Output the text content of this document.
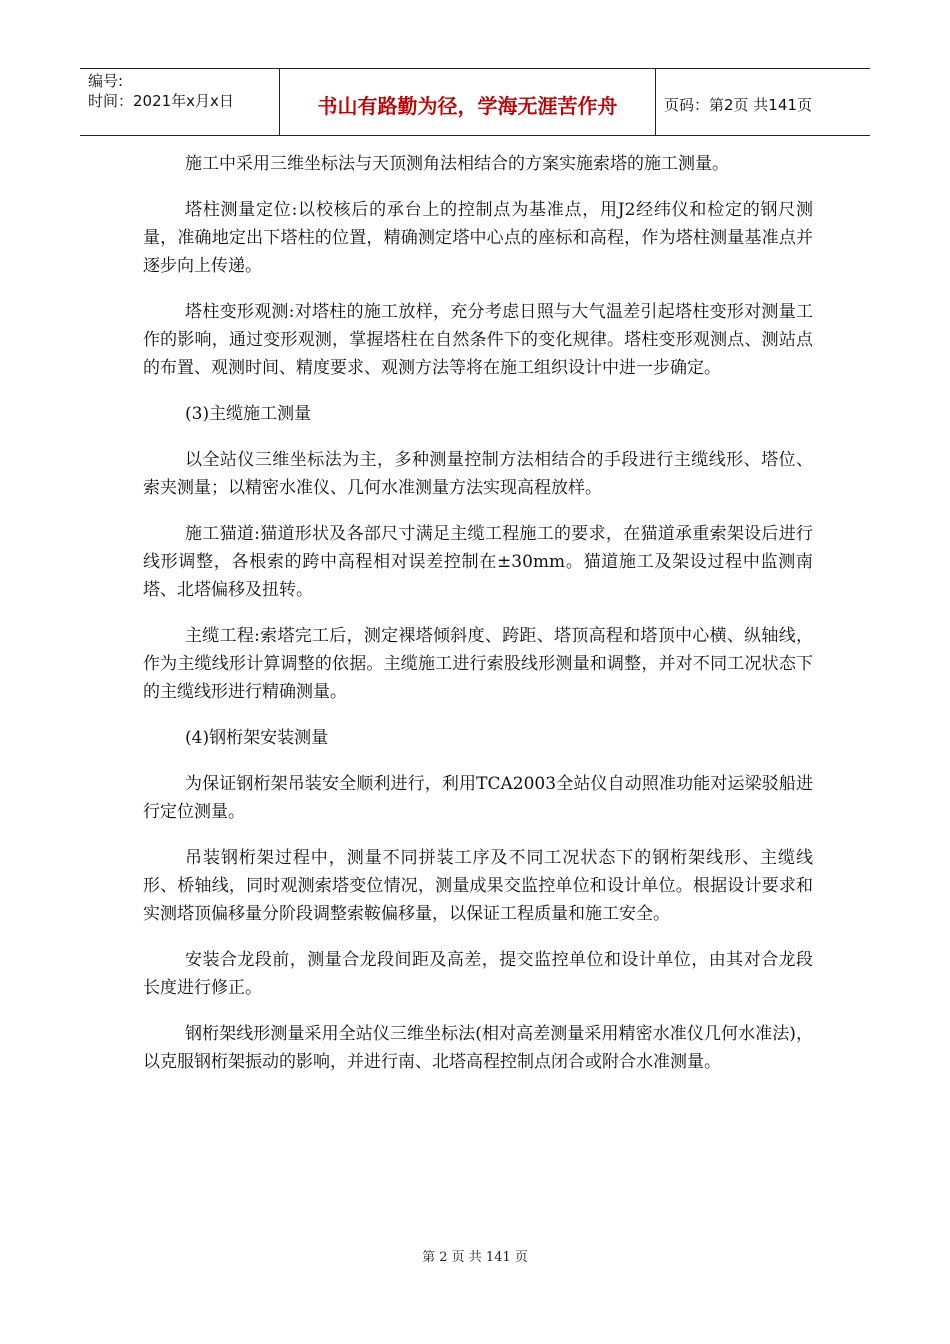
编号:
时间：2021年x月x日	书山有路勤为径，学海无涯苦作舟	页码：第2页 共141页

施工中采用三维坐标法与天顶测角法相结合的方案实施索塔的施工测量。

塔柱测量定位:以校核后的承台上的控制点为基准点，用J2经纬仪和检定的钢尺测量，准确地定出下塔柱的位置，精确测定塔中心点的座标和高程，作为塔柱测量基准点并逐步向上传递。

塔柱变形观测:对塔柱的施工放样，充分考虑日照与大气温差引起塔柱变形对测量工作的影响，通过变形观测，掌握塔柱在自然条件下的变化规律。塔柱变形观测点、测站点的布置、观测时间、精度要求、观测方法等将在施工组织设计中进一步确定。

(3)主缆施工测量

以全站仪三维坐标法为主，多种测量控制方法相结合的手段进行主缆线形、塔位、索夹测量；以精密水准仪、几何水准测量方法实现高程放样。

施工猫道:猫道形状及各部尺寸满足主缆工程施工的要求，在猫道承重索架设后进行线形调整，各根索的跨中高程相对误差控制在±30mm。猫道施工及架设过程中监测南塔、北塔偏移及扭转。

主缆工程:索塔完工后，测定裸塔倾斜度、跨距、塔顶高程和塔顶中心横、纵轴线，作为主缆线形计算调整的依据。主缆施工进行索股线形测量和调整，并对不同工况状态下的主缆线形进行精确测量。

(4)钢桁架安装测量

为保证钢桁架吊装安全顺利进行，利用TCA2003全站仪自动照准功能对运梁驳船进行定位测量。

吊装钢桁架过程中，测量不同拼装工序及不同工况状态下的钢桁架线形、主缆线形、桥轴线，同时观测索塔变位情况，测量成果交监控单位和设计单位。根据设计要求和实测塔顶偏移量分阶段调整索鞍偏移量，以保证工程质量和施工安全。

安装合龙段前，测量合龙段间距及高差，提交监控单位和设计单位，由其对合龙段长度进行修正。

钢桁架线形测量采用全站仪三维坐标法(相对高差测量采用精密水准仪几何水准法)，以克服钢桁架振动的影响，并进行南、北塔高程控制点闭合或附合水准测量。

第 2 页 共 141 页
